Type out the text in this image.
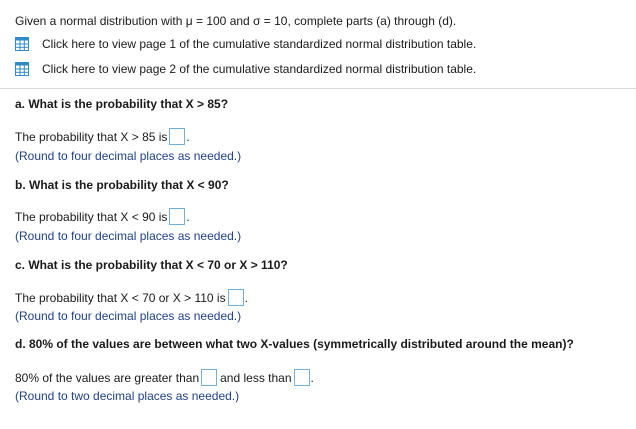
Given a normal distribution with μ = 100 and σ = 10, complete parts (a) through (d).
Click here to view page 1 of the cumulative standardized normal distribution table.
Click here to view page 2 of the cumulative standardized normal distribution table.
a. What is the probability that X > 85?
The probability that X > 85 is .
(Round to four decimal places as needed.)
b. What is the probability that X < 90?
The probability that X < 90 is .
(Round to four decimal places as needed.)
c. What is the probability that X < 70 or X > 110?
The probability that X < 70 or X > 110 is .
(Round to four decimal places as needed.)
d. 80% of the values are between what two X-values (symmetrically distributed around the mean)?
80% of the values are greater than and less than .
(Round to two decimal places as needed.)
